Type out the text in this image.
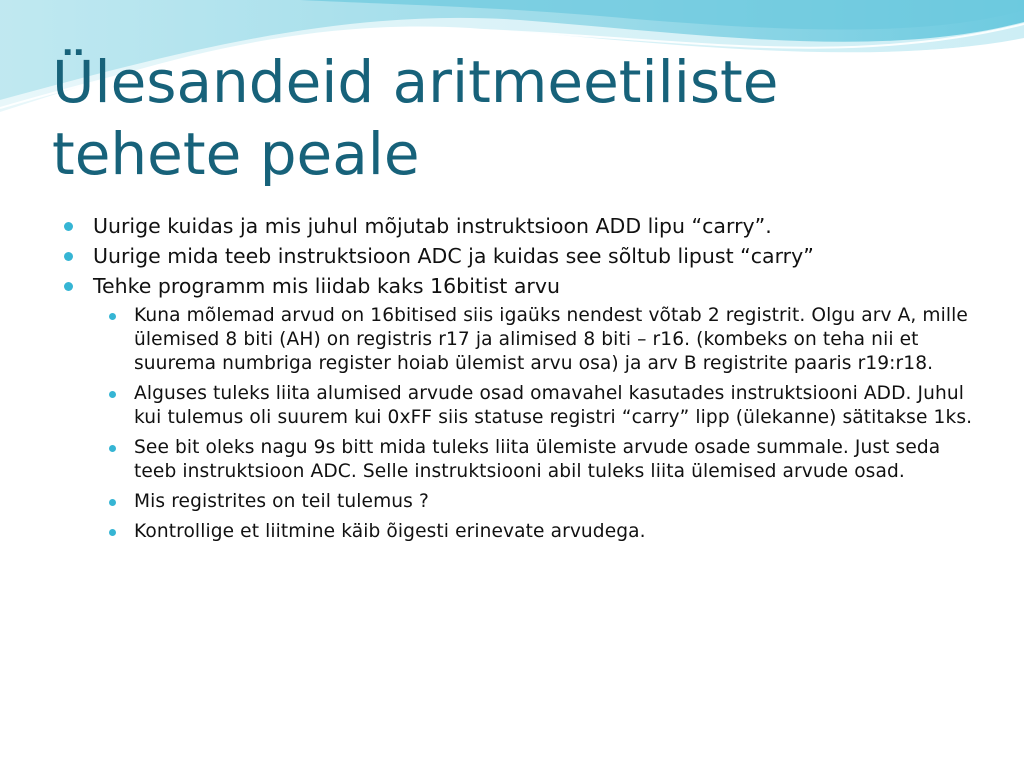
Ülesandeid aritmeetiliste
tehete peale
Uurige kuidas ja mis juhul mõjutab instruktsioon ADD lipu “carry”.
Uurige mida teeb instruktsioon ADC ja kuidas see sõltub lipust “carry”
Tehke programm mis liidab kaks 16bitist arvu
Kuna mõlemad arvud on 16bitised siis igaüks nendest võtab 2 registrit. Olgu arv A, mille ülemised 8 biti (AH) on registris r17 ja alimised 8 biti – r16. (kombeks on teha nii et suurema numbriga register hoiab ülemist arvu osa) ja arv B registrite paaris r19:r18.
Alguses tuleks liita alumised arvude osad omavahel kasutades instruktsiooni ADD. Juhul kui tulemus oli suurem kui 0xFF siis statuse registri “carry” lipp (ülekanne) sätitakse 1ks.
See bit oleks nagu 9s bitt mida tuleks liita ülemiste arvude osade summale. Just seda teeb instruktsioon ADC. Selle instruktsiooni abil tuleks liita ülemised arvude osad.
Mis registrites on teil tulemus ?
Kontrollige et liitmine käib õigesti erinevate arvudega.
